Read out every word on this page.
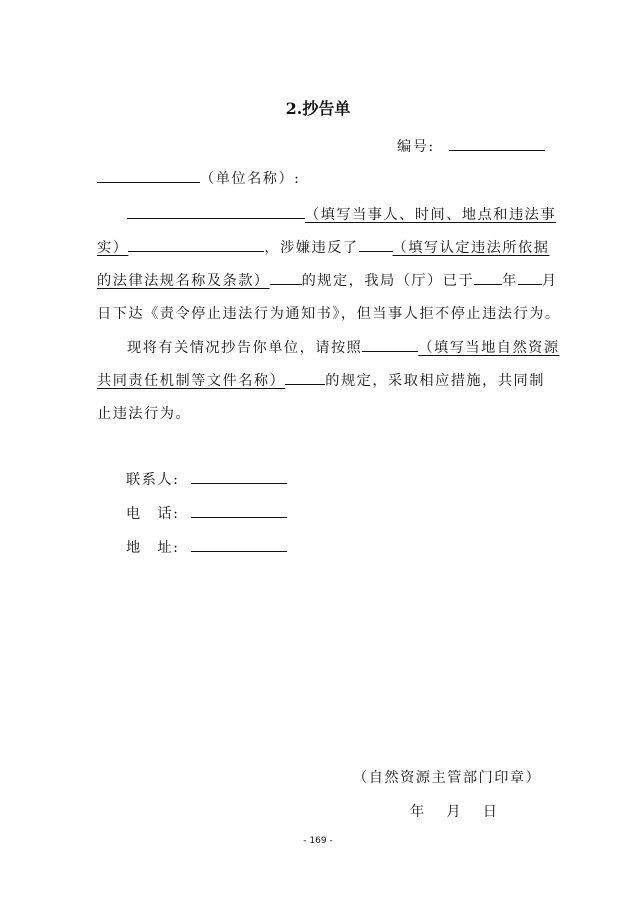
2.抄告单
编号:
（单位名称）:
（填写当事人、时间、地点和违法事
实）	，涉嫌违反了 （填写认定违法所依据
的法律法规名称及条款） 的规定，我局（厅）已于 年 月
日下达《责令停止违法行为通知书》，但当事人拒不停止违法行为。
现将有关情况抄告你单位，请按照	（填写当地自然资源
共同责任机制等文件名称）	的规定，采取相应措施，共同制
止违法行为。
联系人:
电　话:
地　址:
（自然资源主管部门印章）
年　月　日
- 169 -
